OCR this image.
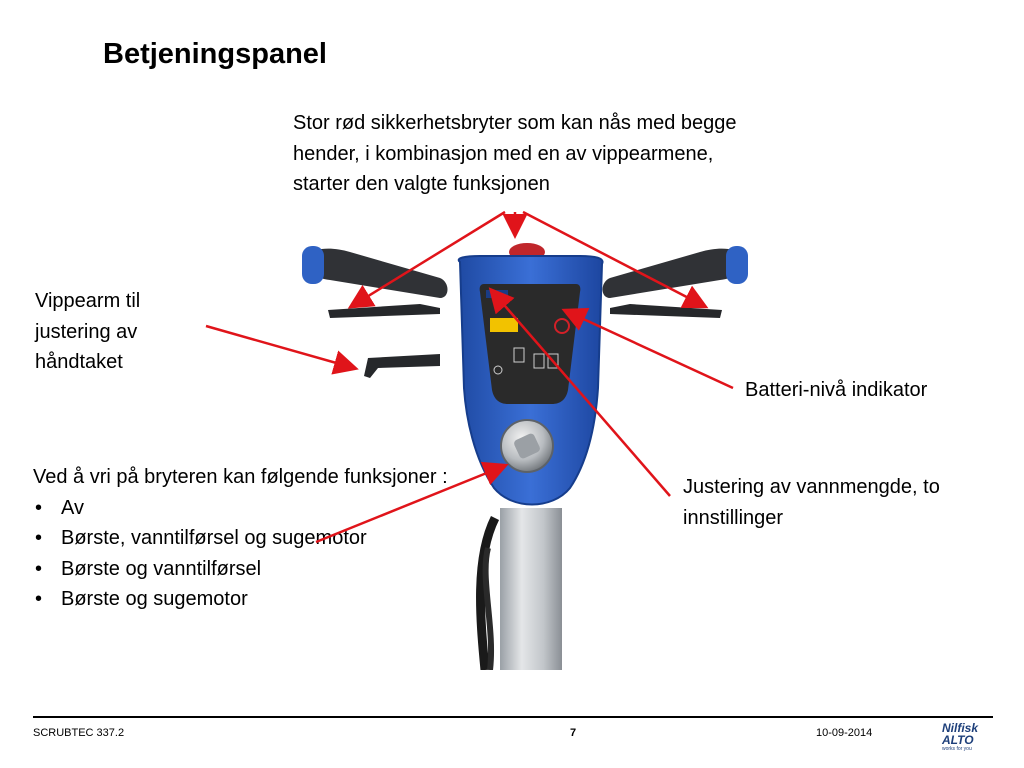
Betjeningspanel
Stor rød sikkerhetsbryter som kan nås med begge hender, i kombinasjon med en av vippearmene, starter den valgte funksjonen
Vippearm til justering av håndtaket
Batteri-nivå indikator
Justering av vannmengde, to innstillinger
Ved å vri på bryteren kan følgende funksjoner :
• Av
• Børste, vanntilførsel og sugemotor
• Børste og vanntilførsel
• Børste og sugemotor
SCRUBTEC 337.2	7	10-09-2014	Nilfisk
ALTO
works for you
